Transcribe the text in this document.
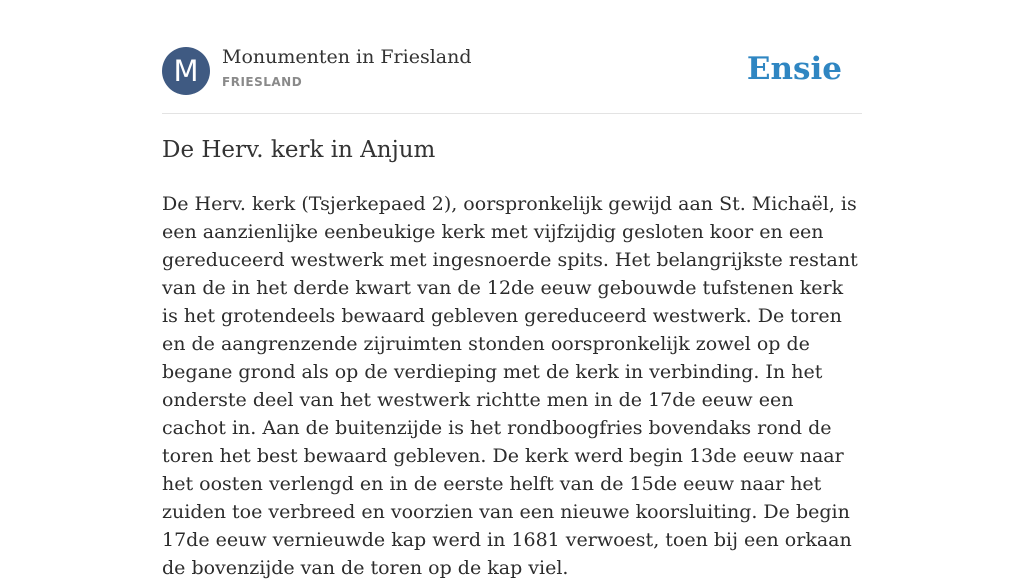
M	Monumenten in Friesland
FRIESLAND	Ensie
De Herv. kerk in Anjum

De Herv. kerk (Tsjerkepaed 2), oorspronkelijk gewijd aan St. Michaël, is een aanzienlijke eenbeukige kerk met vijfzijdig gesloten koor en een gereduceerd westwerk met ingesnoerde spits. Het belangrijkste restant van de in het derde kwart van de 12de eeuw gebouwde tufstenen kerk is het grotendeels bewaard gebleven gereduceerd westwerk. De toren en de aangrenzende zijruimten stonden oorspronkelijk zowel op de begane grond als op de verdieping met de kerk in verbinding. In het onderste deel van het westwerk richtte men in de 17de eeuw een cachot in. Aan de buitenzijde is het rondboogfries bovendaks rond de toren het best bewaard gebleven. De kerk werd begin 13de eeuw naar het oosten verlengd en in de eerste helft van de 15de eeuw naar het zuiden toe verbreed en voorzien van een nieuwe koorsluiting. De begin 17de eeuw vernieuwde kap werd in 1681 verwoest, toen bij een orkaan de bovenzijde van de toren op de kap viel.
